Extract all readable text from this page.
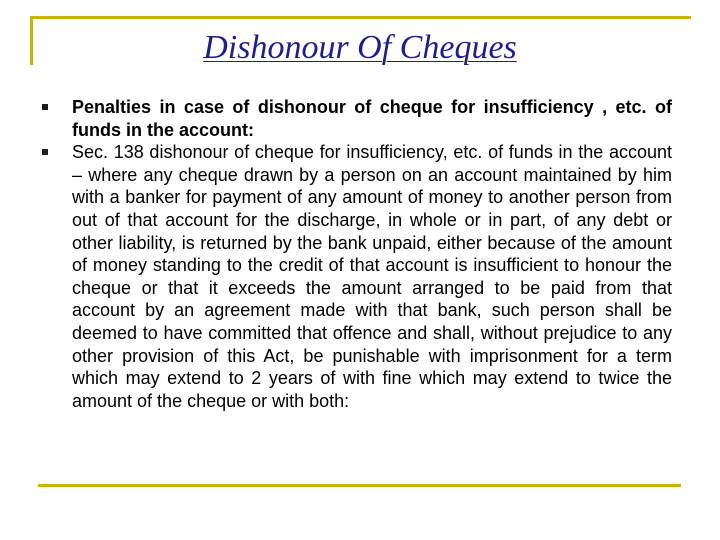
Dishonour Of Cheques
Penalties in case of dishonour of cheque for insufficiency , etc. of funds in the account:
Sec. 138 dishonour of cheque for insufficiency, etc. of funds in the account – where any cheque drawn by a person on an account maintained by him with a banker for payment of any amount of money to another person from out of that account for the discharge, in whole or in part, of any debt or other liability, is returned by the bank unpaid, either because of the amount of money standing to the credit of that account is insufficient to honour the cheque or that it exceeds the amount arranged to be paid from that account by an agreement made with that bank, such person shall be deemed to have committed that offence and shall, without prejudice to any other provision of this Act, be punishable with imprisonment for a term which may extend to 2 years of with fine which may extend to twice the amount of the cheque or with both:
